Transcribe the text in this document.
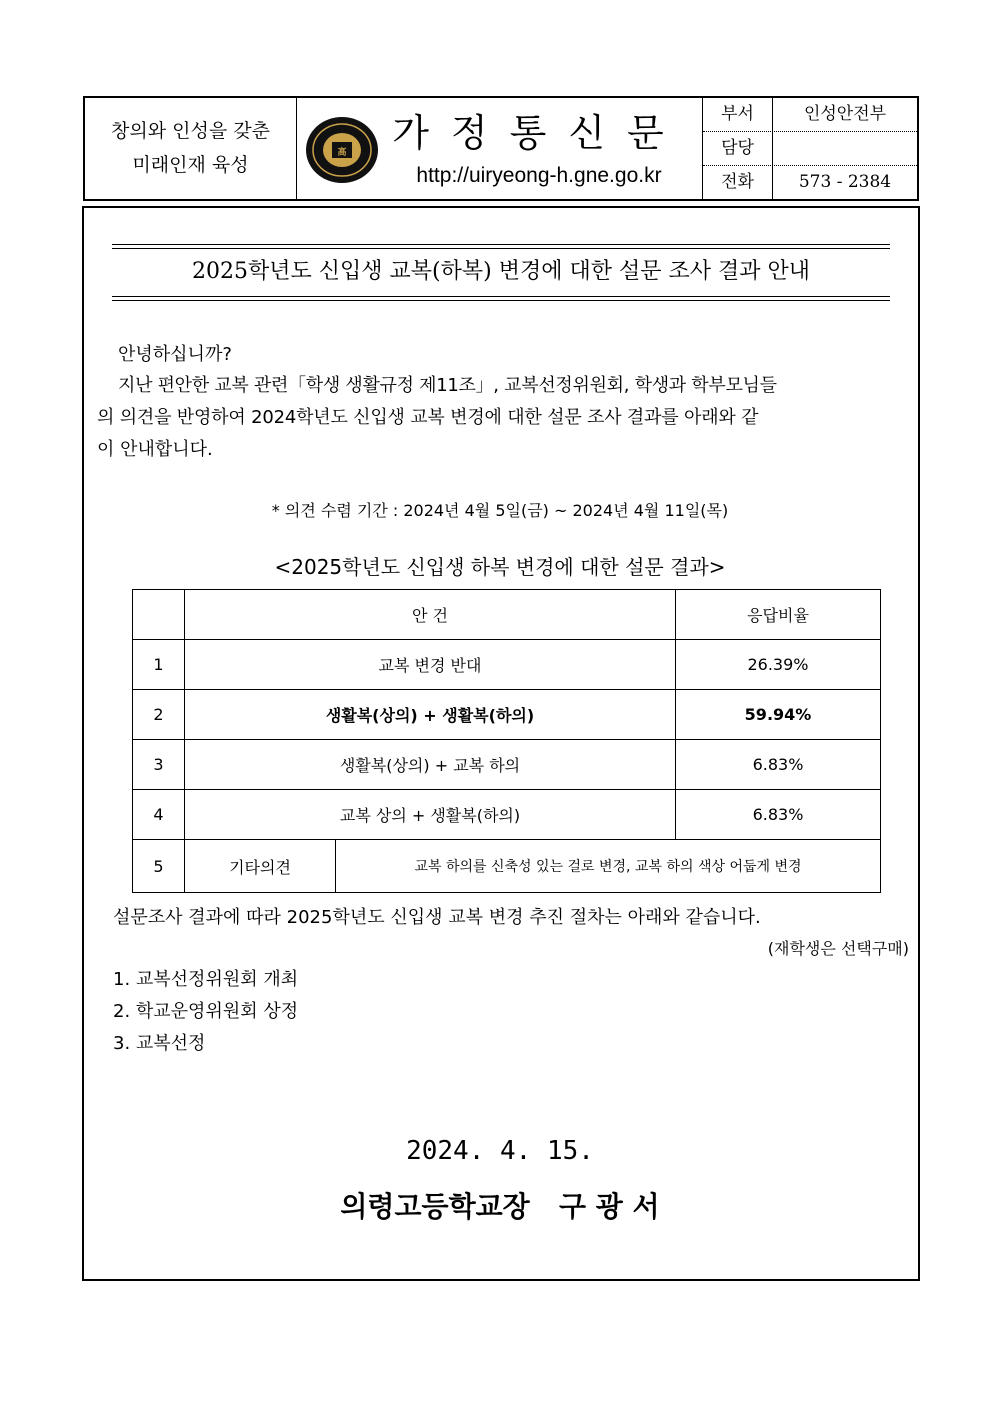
창의와 인성을 갖춘
미래인재 육성
高 가정통신문
http://uiryeong-h.gne.go.kr
부서	인성안전부
담당
전화	573 - 2384
2025학년도 신입생 교복(하복) 변경에 대한 설문 조사 결과 안내
안녕하십니까?
지난 편안한 교복 관련「학생 생활규정 제11조」, 교복선정위원회, 학생과 학부모님들
의 의견을 반영하여 2024학년도 신입생 교복 변경에 대한 설문 조사 결과를 아래와 같
이 안내합니다.
* 의견 수렴 기간 : 2024년 4월 5일(금) ~ 2024년 4월 11일(목)
<2025학년도 신입생 하복 변경에 대한 설문 결과>
	안 건		응답비율
1	교복 변경 반대		26.39%
2	생활복(상의) + 생활복(하의)		59.94%
3	생활복(상의) + 교복 하의		6.83%
4	교복 상의 + 생활복(하의)		6.83%
5	기타의견	교복 하의를 신축성 있는 걸로 변경, 교복 하의 색상 어둡게 변경	
설문조사 결과에 따라 2025학년도 신입생 교복 변경 추진 절차는 아래와 같습니다.
(재학생은 선택구매)
1. 교복선정위원회 개최
2. 학교운영위원회 상정
3. 교복선정
2024. 4. 15.
의령고등학교장   구 광 서
